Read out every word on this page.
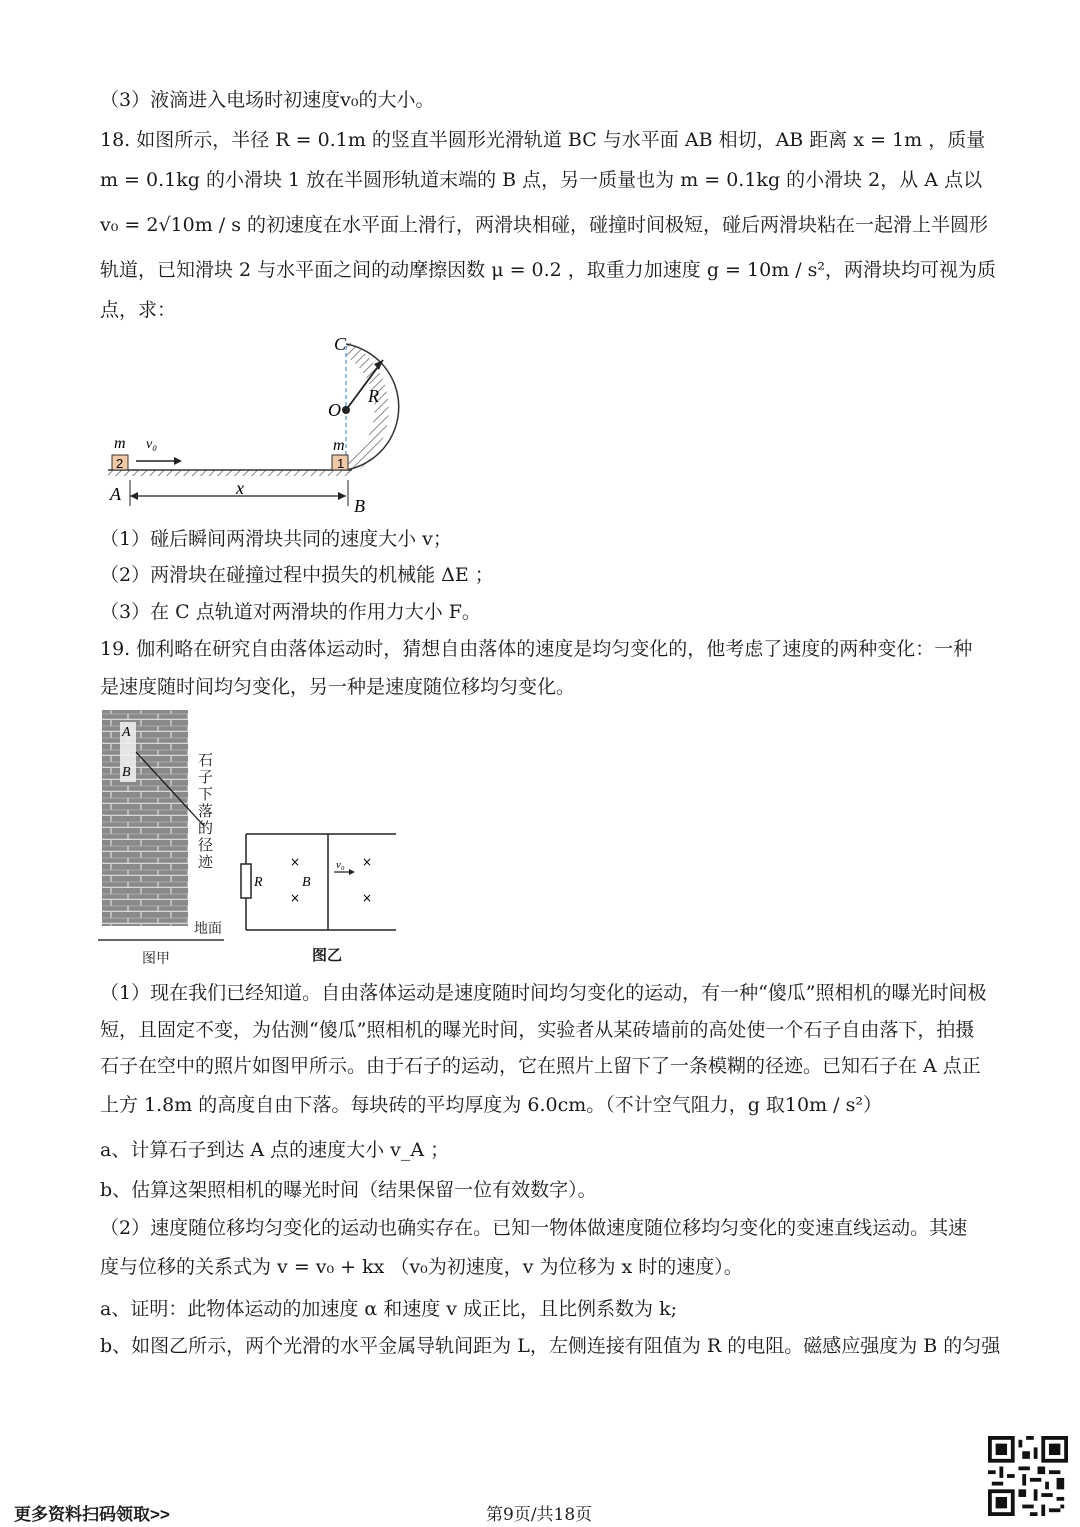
（3）液滴进入电场时初速度v₀的大小。
18. 如图所示，半径 R = 0.1m 的竖直半圆形光滑轨道 BC 与水平面 AB 相切，AB 距离 x = 1m ，质量
m = 0.1kg 的小滑块 1 放在半圆形轨道末端的 B 点，另一质量也为 m = 0.1kg 的小滑块 2，从 A 点以
v₀ = 2√10m / s 的初速度在水平面上滑行，两滑块相碰，碰撞时间极短，碰后两滑块粘在一起滑上半圆形
轨道，已知滑块 2 与水平面之间的动摩擦因数 μ = 0.2 ，取重力加速度 g = 10m / s²，两滑块均可视为质
点，求：
C
O
R
2
m v₀
1
m
A	x
B
（1）碰后瞬间两滑块共同的速度大小 v；
（2）两滑块在碰撞过程中损失的机械能 ΔE ；
（3）在 C 点轨道对两滑块的作用力大小 F。
19. 伽利略在研究自由落体运动时，猜想自由落体的速度是均匀变化的，他考虑了速度的两种变化：一种
是速度随时间均匀变化，另一种是速度随位移均匀变化。
A
B
石
子
下
落
的
径
迹
地面
图甲
R
×
×
B
×
×
v₀
图乙
（1）现在我们已经知道。自由落体运动是速度随时间均匀变化的运动，有一种“傻瓜”照相机的曝光时间极
短，且固定不变，为估测“傻瓜”照相机的曝光时间，实验者从某砖墙前的高处使一个石子自由落下，拍摄
石子在空中的照片如图甲所示。由于石子的运动，它在照片上留下了一条模糊的径迹。已知石子在 A 点正
上方 1.8m 的高度自由下落。每块砖的平均厚度为 6.0cm。（不计空气阻力，g 取10m / s²）
a、计算石子到达 A 点的速度大小 v_A ；
b、估算这架照相机的曝光时间（结果保留一位有效数字）。
（2）速度随位移均匀变化的运动也确实存在。已知一物体做速度随位移均匀变化的变速直线运动。其速
度与位移的关系式为 v = v₀ + kx （v₀为初速度，v 为位移为 x 时的速度）。
a、证明：此物体运动的加速度 α 和速度 v 成正比，且比例系数为 k;
b、如图乙所示，两个光滑的水平金属导轨间距为 L，左侧连接有阻值为 R 的电阻。磁感应强度为 B 的匀强
更多资料扫码领取>>	第9页/共18页
